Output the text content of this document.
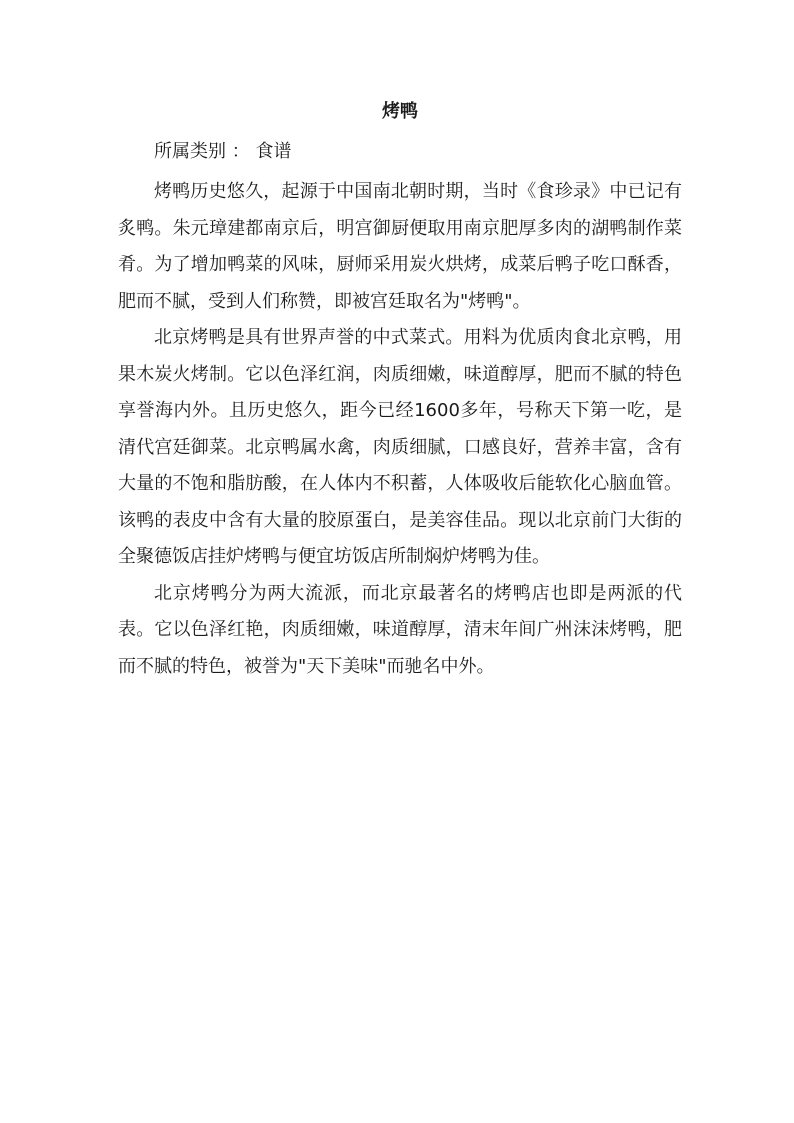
烤鸭
所属类别 ： 食谱

烤鸭历史悠久，起源于中国南北朝时期，当时《食珍录》中已记有炙鸭。朱元璋建都南京后，明宫御厨便取用南京肥厚多肉的湖鸭制作菜肴。为了增加鸭菜的风味，厨师采用炭火烘烤，成菜后鸭子吃口酥香，肥而不腻，受到人们称赞，即被宫廷取名为"烤鸭"。

北京烤鸭是具有世界声誉的中式菜式。用料为优质肉食北京鸭，用果木炭火烤制。它以色泽红润，肉质细嫩，味道醇厚，肥而不腻的特色享誉海内外。且历史悠久，距今已经1600多年，号称天下第一吃，是清代宫廷御菜。北京鸭属水禽，肉质细腻，口感良好，营养丰富，含有大量的不饱和脂肪酸，在人体内不积蓄，人体吸收后能软化心脑血管。该鸭的表皮中含有大量的胶原蛋白，是美容佳品。现以北京前门大街的全聚德饭店挂炉烤鸭与便宜坊饭店所制焖炉烤鸭为佳。

北京烤鸭分为两大流派，而北京最著名的烤鸭店也即是两派的代表。它以色泽红艳，肉质细嫩，味道醇厚，清末年间广州沫沫烤鸭，肥而不腻的特色，被誉为"天下美味"而驰名中外。
